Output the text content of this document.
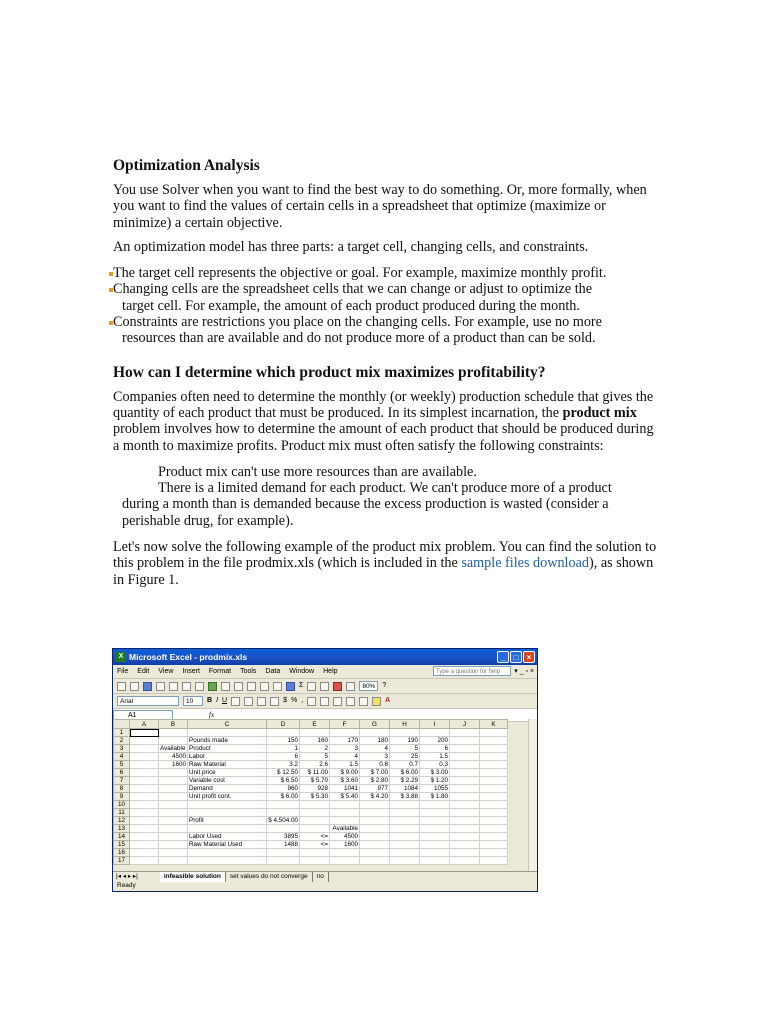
Optimization Analysis

You use Solver when you want to find the best way to do something. Or, more formally, when you want to find the values of certain cells in a spreadsheet that optimize (maximize or minimize) a certain objective.

An optimization model has three parts: a target cell, changing cells, and constraints.

The target cell represents the objective or goal. For example, maximize monthly profit.
Changing cells are the spreadsheet cells that we can change or adjust to optimize the
target cell. For example, the amount of each product produced during the month.
Constraints are restrictions you place on the changing cells. For example, use no more
resources than are available and do not produce more of a product than can be sold.
How can I determine which product mix maximizes profitability?

Companies often need to determine the monthly (or weekly) production schedule that gives the quantity of each product that must be produced. In its simplest incarnation, the product mix problem involves how to determine the amount of each product that should be produced during a month to maximize profits. Product mix must often satisfy the following constraints:

Product mix can't use more resources than are available.

There is a limited demand for each product. We can't produce more of a product

during a month than is demanded because the excess production is wasted (consider a perishable drug, for example).

Let's now solve the following example of the product mix problem. You can find the solution to this problem in the file prodmix.xls (which is included in the sample files download), as shown in Figure 1.

X Microsoft Excel - prodmix.xls	_	□	×
File Edit View Insert Format Tools Data Window Help	Type a question for help	▾ _ ▫ ×
Σ	80%	?
Arial	10	B I U	$ % ,	A
A1	fx
	A	B	C	D	E	F	G	H	I	J	K
1											
2			Pounds made	150	160	170	180	190	200		
3		Available	Product	1	2	3	4	5	6		
4		4500	Labor	6	5	4	3	25	1.5		
5		1600	Raw Material	3.2	2.6	1.5	0.8	0.7	0.3		
6			Unit price	$ 12.50	$ 11.00	$ 9.00	$ 7.00	$ 6.00	$ 3.00		
7			Variable cost	$ 6.50	$ 5.70	$ 3.60	$ 2.80	$ 2.29	$ 1.20		
8			Demand	960	928	1041	977	1084	1055		
9			Unit profit cont.	$ 6.00	$ 5.30	$ 5.40	$ 4.20	$ 3.88	$ 1.80		
10											
11											
12			Profit	$ 4,504.00							
13						Available					
14			Labor Used	3895	<=	4500					
15			Raw Material Used	1488	<=	1600					
16											
17											
|◂ ◂ ▸ ▸|	infeasible solution set values do not converge no
Ready
